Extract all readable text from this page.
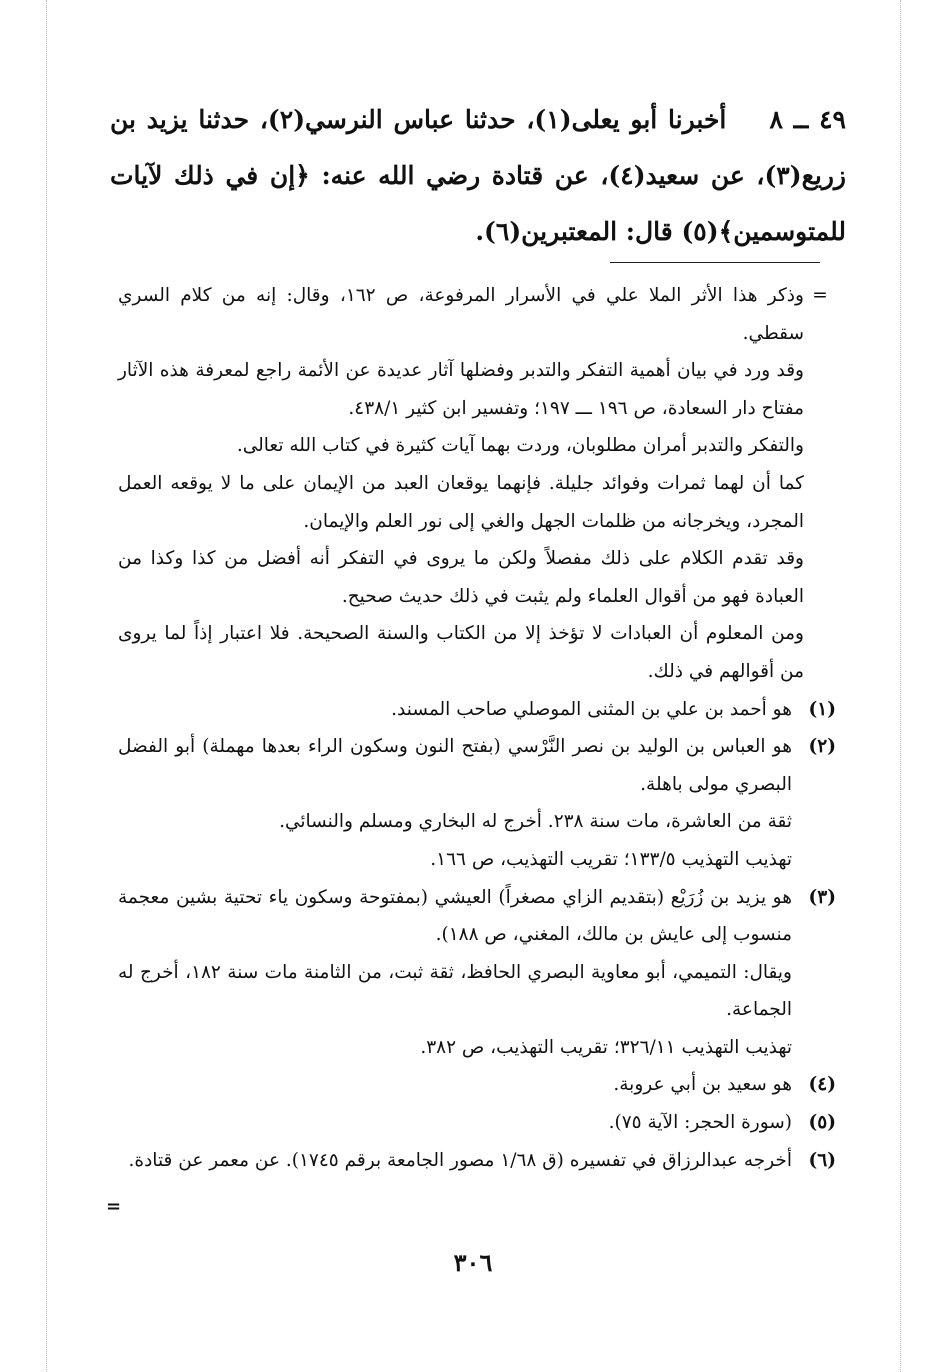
٤٩ ــ ٨    أخبرنا أبو يعلى(١)، حدثنا عباس النرسي(٢)، حدثنا يزيد بن زريع(٣)، عن سعيد(٤)، عن قتادة رضي الله عنه: ﴿إن في ذلك لآيات للمتوسمين﴾(٥) قال: المعتبرين(٦).
=

وذكر هذا الأثر الملا علي في الأسرار المرفوعة، ص ١٦٢، وقال: إنه من كلام السري سقطي.

وقد ورد في بيان أهمية التفكر والتدبر وفضلها آثار عديدة عن الأئمة راجع لمعرفة هذه الآثار مفتاح دار السعادة، ص ١٩٦ ـــ ١٩٧؛ وتفسير ابن كثير ٤٣٨/١.

والتفكر والتدبر أمران مطلوبان، وردت بهما آيات كثيرة في كتاب الله تعالى.

كما أن لهما ثمرات وفوائد جليلة. فإنهما يوقعان العبد من الإيمان على ما لا يوقعه العمل المجرد، ويخرجانه من ظلمات الجهل والغي إلى نور العلم والإيمان.

وقد تقدم الكلام على ذلك مفصلاً ولكن ما يروى في التفكر أنه أفضل من كذا وكذا من العبادة فهو من أقوال العلماء ولم يثبت في ذلك حديث صحيح.

ومن المعلوم أن العبادات لا تؤخذ إلا من الكتاب والسنة الصحيحة. فلا اعتبار إذاً لما يروى من أقوالهم في ذلك.

(١)

هو أحمد بن علي بن المثنى الموصلي صاحب المسند.

(٢)

هو العباس بن الوليد بن نصر النَّرْسي (بفتح النون وسكون الراء بعدها مهملة) أبو الفضل البصري مولى باهلة.

ثقة من العاشرة، مات سنة ٢٣٨. أخرج له البخاري ومسلم والنسائي.

تهذيب التهذيب ١٣٣/٥؛ تقريب التهذيب، ص ١٦٦.

(٣)

هو يزيد بن زُرَيْع (بتقديم الزاي مصغراً) العيشي (بمفتوحة وسكون ياء تحتية بشين معجمة منسوب إلى عايش بن مالك، المغني، ص ١٨٨).

ويقال: التميمي، أبو معاوية البصري الحافظ، ثقة ثبت، من الثامنة مات سنة ١٨٢، أخرج له الجماعة.

تهذيب التهذيب ٣٢٦/١١؛ تقريب التهذيب، ص ٣٨٢.

(٤)

هو سعيد بن أبي عروبة.

(٥)

(سورة الحجر: الآية ٧٥).

(٦)

أخرجه عبدالرزاق في تفسيره (ق ١/٦٨ مصور الجامعة برقم ١٧٤٥). عن معمر عن قتادة.

=
٣٠٦
